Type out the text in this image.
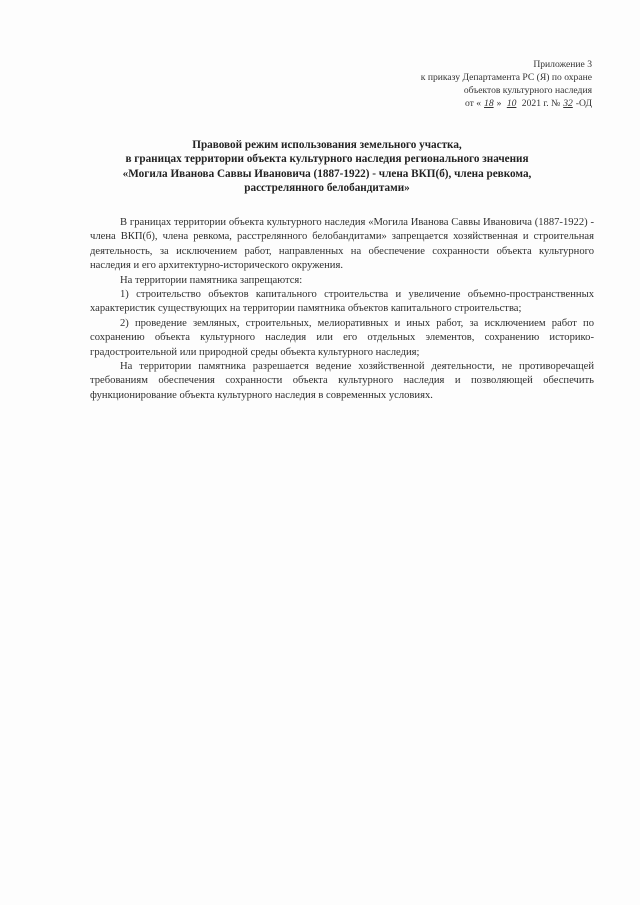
Приложение 3
к приказу Департамента РС (Я) по охране
объектов культурного наследия
от « 18 » 10 2021 г. № 32 -ОД
Правовой режим использования земельного участка,
в границах территории объекта культурного наследия регионального значения
«Могила Иванова Саввы Ивановича (1887-1922) - члена ВКП(б), члена ревкома,
расстрелянного белобандитами»

В границах территории объекта культурного наследия «Могила Иванова Саввы Ивановича (1887-1922) - члена ВКП(б), члена ревкома, расстрелянного белобандитами» запрещается хозяйственная и строительная деятельность, за исключением работ, направленных на обеспечение сохранности объекта культурного наследия и его архитектурно-исторического окружения.

На территории памятника запрещаются:

1) строительство объектов капитального строительства и увеличение объемно-пространственных характеристик существующих на территории памятника объектов капитального строительства;

2) проведение земляных, строительных, мелиоративных и иных работ, за исключением работ по сохранению объекта культурного наследия или его отдельных элементов, сохранению историко-градостроительной или природной среды объекта культурного наследия;

На территории памятника разрешается ведение хозяйственной деятельности, не противоречащей требованиям обеспечения сохранности объекта культурного наследия и позволяющей обеспечить функционирование объекта культурного наследия в современных условиях.
